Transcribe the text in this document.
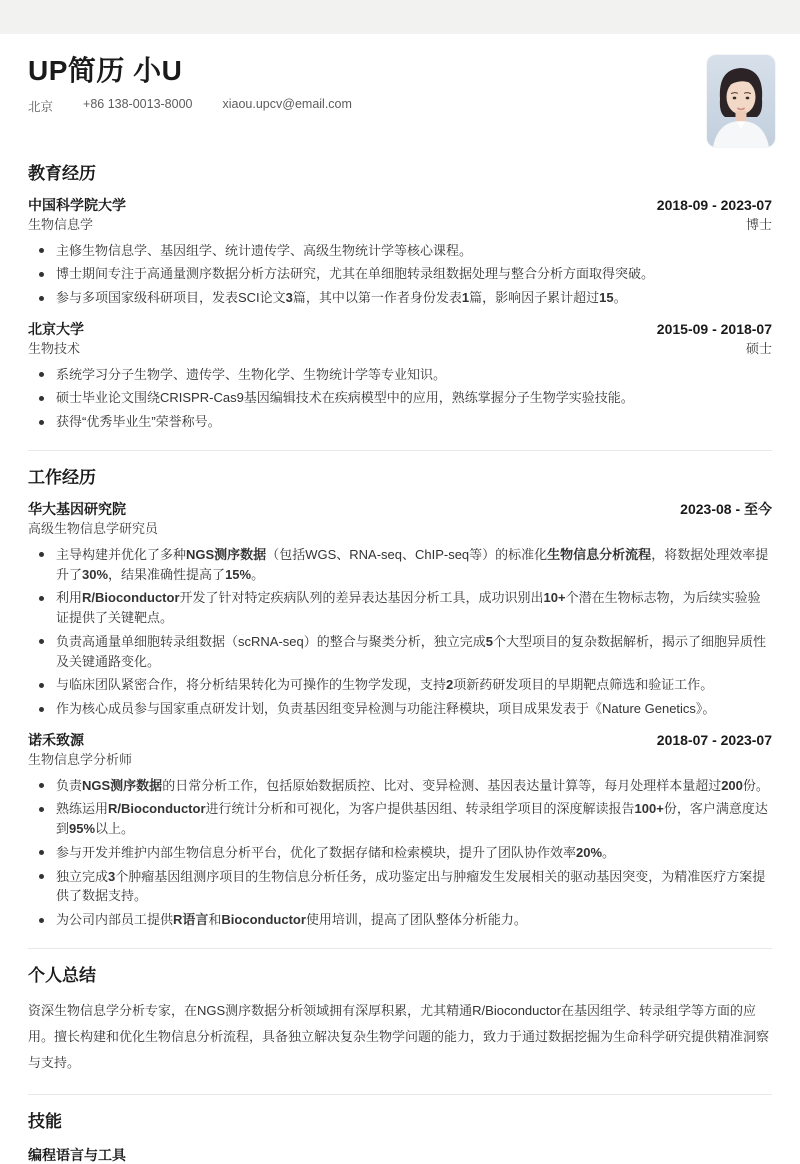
UP简历 小U
北京 +86 138-0013-8000 xiaou.upcv@email.com
教育经历
中国科学院大学	2018-09 - 2023-07
生物信息学	博士
主修生物信息学、基因组学、统计遗传学、高级生物统计学等核心课程。
博士期间专注于高通量测序数据分析方法研究，尤其在单细胞转录组数据处理与整合分析方面取得突破。
参与多项国家级科研项目，发表SCI论文3篇，其中以第一作者身份发表1篇，影响因子累计超过15。
北京大学	2015-09 - 2018-07
生物技术	硕士
系统学习分子生物学、遗传学、生物化学、生物统计学等专业知识。
硕士毕业论文围绕CRISPR-Cas9基因编辑技术在疾病模型中的应用，熟练掌握分子生物学实验技能。
获得“优秀毕业生”荣誉称号。
工作经历
华大基因研究院	2023-08 - 至今
高级生物信息学研究员
主导构建并优化了多种NGS测序数据（包括WGS、RNA-seq、ChIP-seq等）的标准化生物信息分析流程，将数据处理效率提升了30%，结果准确性提高了15%。
利用R/Bioconductor开发了针对特定疾病队列的差异表达基因分析工具，成功识别出10+个潜在生物标志物，为后续实验验证提供了关键靶点。
负责高通量单细胞转录组数据（scRNA-seq）的整合与聚类分析，独立完成5个大型项目的复杂数据解析，揭示了细胞异质性及关键通路变化。
与临床团队紧密合作，将分析结果转化为可操作的生物学发现，支持2项新药研发项目的早期靶点筛选和验证工作。
作为核心成员参与国家重点研发计划，负责基因组变异检测与功能注释模块，项目成果发表于《Nature Genetics》。
诺禾致源	2018-07 - 2023-07
生物信息学分析师
负责NGS测序数据的日常分析工作，包括原始数据质控、比对、变异检测、基因表达量计算等，每月处理样本量超过200份。
熟练运用R/Bioconductor进行统计分析和可视化，为客户提供基因组、转录组学项目的深度解读报告100+份，客户满意度达到95%以上。
参与开发并维护内部生物信息分析平台，优化了数据存储和检索模块，提升了团队协作效率20%。
独立完成3个肿瘤基因组测序项目的生物信息分析任务，成功鉴定出与肿瘤发生发展相关的驱动基因突变，为精准医疗方案提供了数据支持。
为公司内部员工提供R语言和Bioconductor使用培训，提高了团队整体分析能力。
个人总结

资深生物信息学分析专家，在NGS测序数据分析领域拥有深厚积累，尤其精通R/Bioconductor在基因组学、转录组学等方面的应用。擅长构建和优化生物信息分析流程，具备独立解决复杂生物学问题的能力，致力于通过数据挖掘为生命科学研究提供精准洞察与支持。

技能
编程语言与工具
